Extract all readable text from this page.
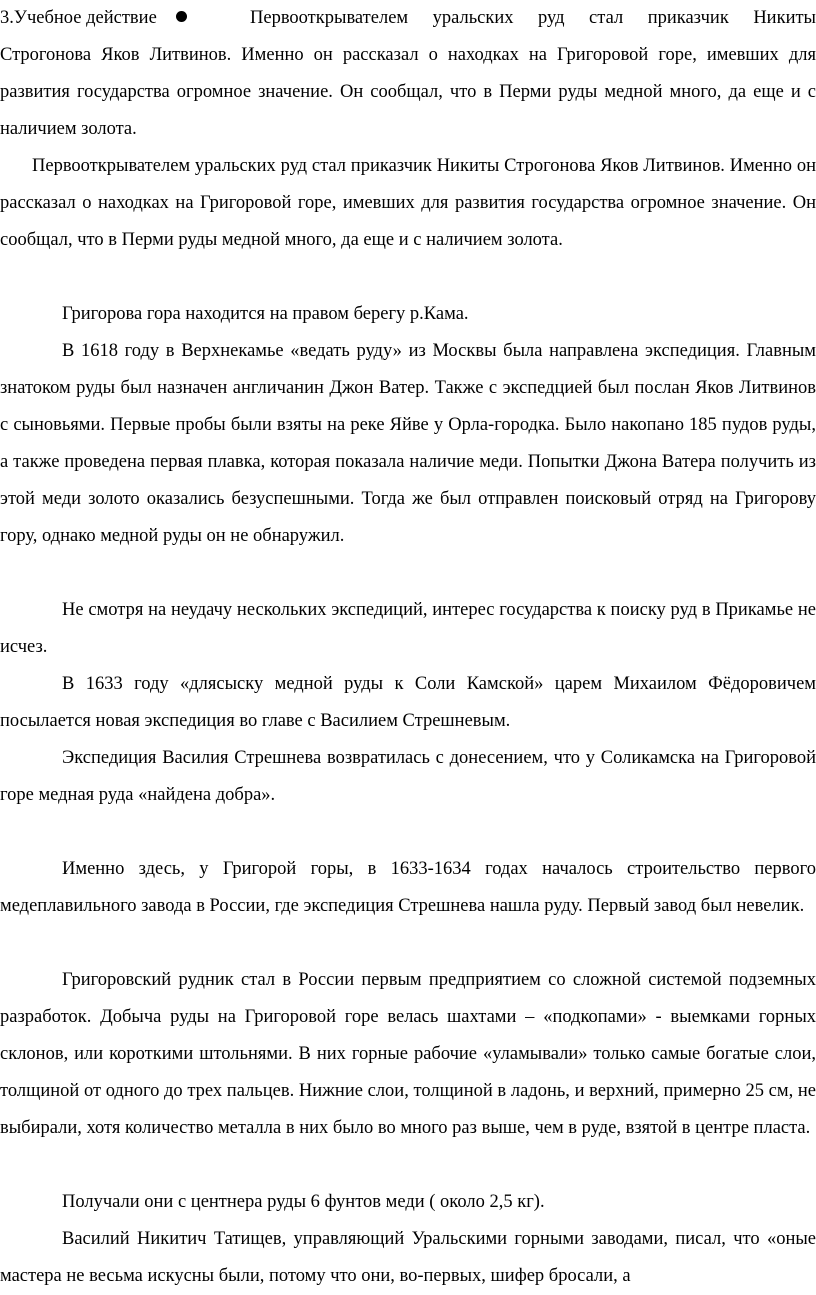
3.Учебное действие	Первооткрывателем уральских руд стал приказчик Никиты
Строгонова Яков Литвинов. Именно он рассказал о находках на Григоровой горе, имевших для развития государства огромное значение. Он сообщал, что в Перми руды медной много, да еще и с наличием золота.
Первооткрывателем уральских руд стал приказчик Никиты Строгонова Яков Литвинов. Именно он рассказал о находках на Григоровой горе, имевших для развития государства огромное значение. Он сообщал, что в Перми руды медной много, да еще и с наличием золота.
Григорова гора находится на правом берегу р.Кама.
В 1618 году в Верхнекамье «ведать руду» из Москвы была направлена экспедиция. Главным знатоком руды был назначен англичанин Джон Ватер. Также с экспедцией был послан Яков Литвинов с сыновьями. Первые пробы были взяты на реке Яйве у Орла-городка. Было накопано 185 пудов руды, а также проведена первая плавка, которая показала наличие меди. Попытки Джона Ватера получить из этой меди золото оказались безуспешными. Тогда же был отправлен поисковый отряд на Григорову гору, однако медной руды он не обнаружил.
Не смотря на неудачу нескольких экспедиций, интерес государства к поиску руд в Прикамье не исчез.
В 1633 году «длясыску медной руды к Соли Камской» царем Михаилом Фёдоровичем посылается новая экспедиция во главе с Василием Стрешневым.
Экспедиция Василия Стрешнева возвратилась с донесением, что у Соликамска на Григоровой горе медная руда «найдена добра».
Именно здесь, у Григорой горы, в 1633-1634 годах началось строительство первого медеплавильного завода в России, где экспедиция Стрешнева нашла руду. Первый завод был невелик.
Григоровский рудник стал в России первым предприятием со сложной системой подземных разработок. Добыча руды на Григоровой горе велась шахтами – «подкопами» - выемками горных склонов, или короткими штольнями. В них горные рабочие «уламывали» только самые богатые слои, толщиной от одного до трех пальцев. Нижние слои, толщиной в ладонь, и верхний, примерно 25 см, не выбирали, хотя количество металла в них было во много раз выше, чем в руде, взятой в центре пласта.
Получали они с центнера руды 6 фунтов меди ( около 2,5 кг).
Василий Никитич Татищев, управляющий Уральскими горными заводами, писал, что «оные мастера не весьма искусны были, потому что они, во-первых, шифер бросали, а
